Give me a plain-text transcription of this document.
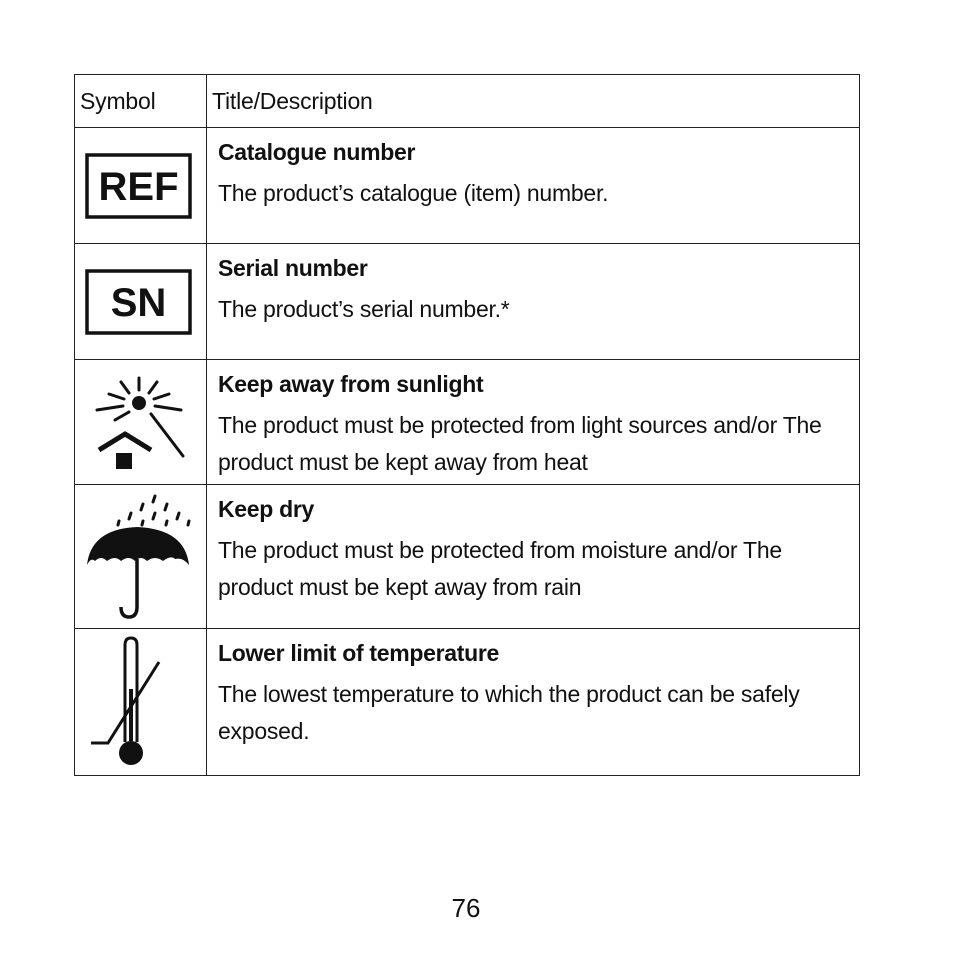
Symbol	Title/Description

REF	Catalogue number
The product’s catalogue (item) number.

SN	Serial number
The product’s serial number.*

Keep away from sunlight
The product must be protected from light sources and/or The product must be kept away from heat

Keep dry
The product must be protected from moisture and/or The product must be kept away from rain

Lower limit of temperature
The lowest temperature to which the product can be safely exposed.
76
